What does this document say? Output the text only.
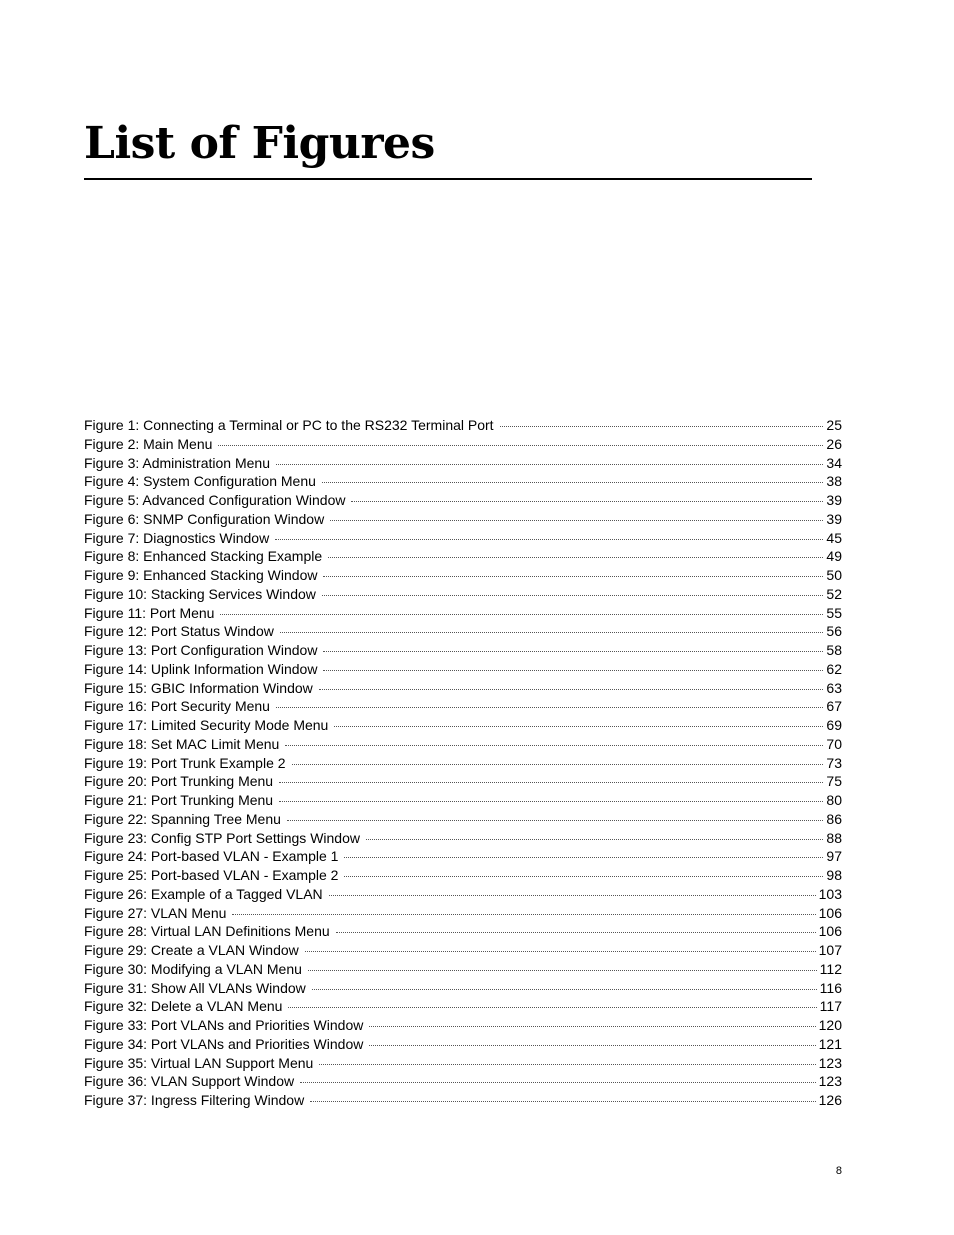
List of Figures
Figure 1: Connecting a Terminal or PC to the RS232 Terminal Port	25
Figure 2: Main Menu	26
Figure 3: Administration Menu	34
Figure 4: System Configuration Menu	38
Figure 5: Advanced Configuration Window	39
Figure 6: SNMP Configuration Window	39
Figure 7: Diagnostics Window	45
Figure 8: Enhanced Stacking Example	49
Figure 9: Enhanced Stacking Window	50
Figure 10: Stacking Services Window	52
Figure 11: Port Menu	55
Figure 12: Port Status Window	56
Figure 13: Port Configuration Window	58
Figure 14: Uplink Information Window	62
Figure 15: GBIC Information Window	63
Figure 16: Port Security Menu	67
Figure 17: Limited Security Mode Menu	69
Figure 18: Set MAC Limit Menu	70
Figure 19: Port Trunk Example 2	73
Figure 20: Port Trunking Menu	75
Figure 21: Port Trunking Menu	80
Figure 22: Spanning Tree Menu	86
Figure 23: Config STP Port Settings Window	88
Figure 24: Port-based VLAN - Example 1	97
Figure 25: Port-based VLAN - Example 2	98
Figure 26: Example of a Tagged VLAN	103
Figure 27: VLAN Menu	106
Figure 28: Virtual LAN Definitions Menu	106
Figure 29: Create a VLAN Window	107
Figure 30: Modifying a VLAN Menu	112
Figure 31: Show All VLANs Window	116
Figure 32: Delete a VLAN Menu	117
Figure 33: Port VLANs and Priorities Window	120
Figure 34: Port VLANs and Priorities Window	121
Figure 35: Virtual LAN Support Menu	123
Figure 36: VLAN Support Window	123
Figure 37: Ingress Filtering Window	126
8
